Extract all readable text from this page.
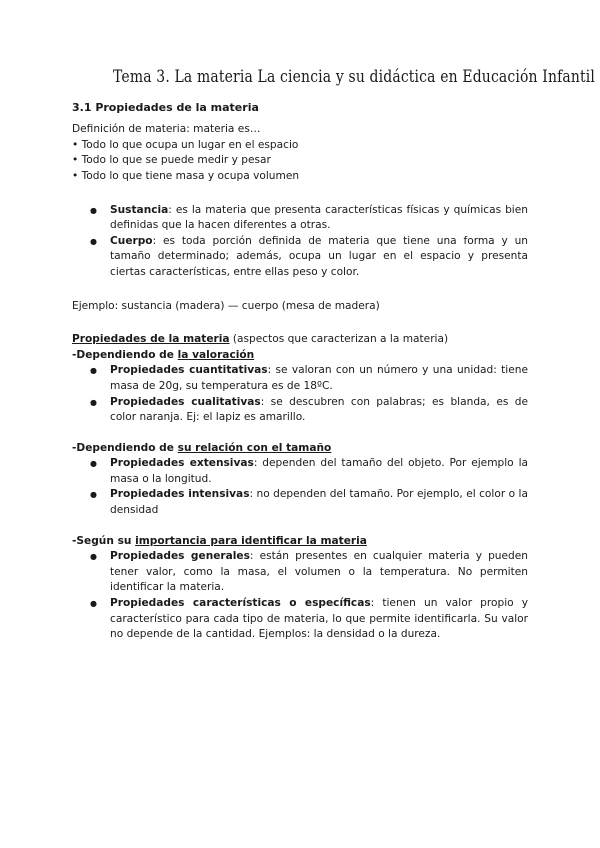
Tema 3. La materia La ciencia y su didáctica en Educación Infantil
3.1 Propiedades de la materia

Definición de materia: materia es…

• Todo lo que ocupa un lugar en el espacio

• Todo lo que se puede medir y pesar

• Todo lo que tiene masa y ocupa volumen

● Sustancia: es la materia que presenta características físicas y químicas bien definidas que la hacen diferentes a otras.
● Cuerpo: es toda porción definida de materia que tiene una forma y un tamaño determinado; además, ocupa un lugar en el espacio y presenta ciertas características, entre ellas peso y color.

Ejemplo: sustancia (madera) — cuerpo (mesa de madera)

Propiedades de la materia (aspectos que caracterizan a la materia)

-Dependiendo de la valoración

● Propiedades cuantitativas: se valoran con un número y una unidad: tiene masa de 20g, su temperatura es de 18ºC.
● Propiedades cualitativas: se descubren con palabras; es blanda, es de color naranja. Ej: el lapiz es amarillo.

-Dependiendo de su relación con el tamaño

● Propiedades extensivas: dependen del tamaño del objeto. Por ejemplo la masa o la longitud.
● Propiedades intensivas: no dependen del tamaño. Por ejemplo, el color o la densidad

-Según su importancia para identificar la materia

● Propiedades generales: están presentes en cualquier materia y pueden tener valor, como la masa, el volumen o la temperatura. No permiten identificar la materia.
● Propiedades características o específicas: tienen un valor propio y característico para cada tipo de materia, lo que permite identificarla. Su valor no depende de la cantidad. Ejemplos: la densidad o la dureza.
